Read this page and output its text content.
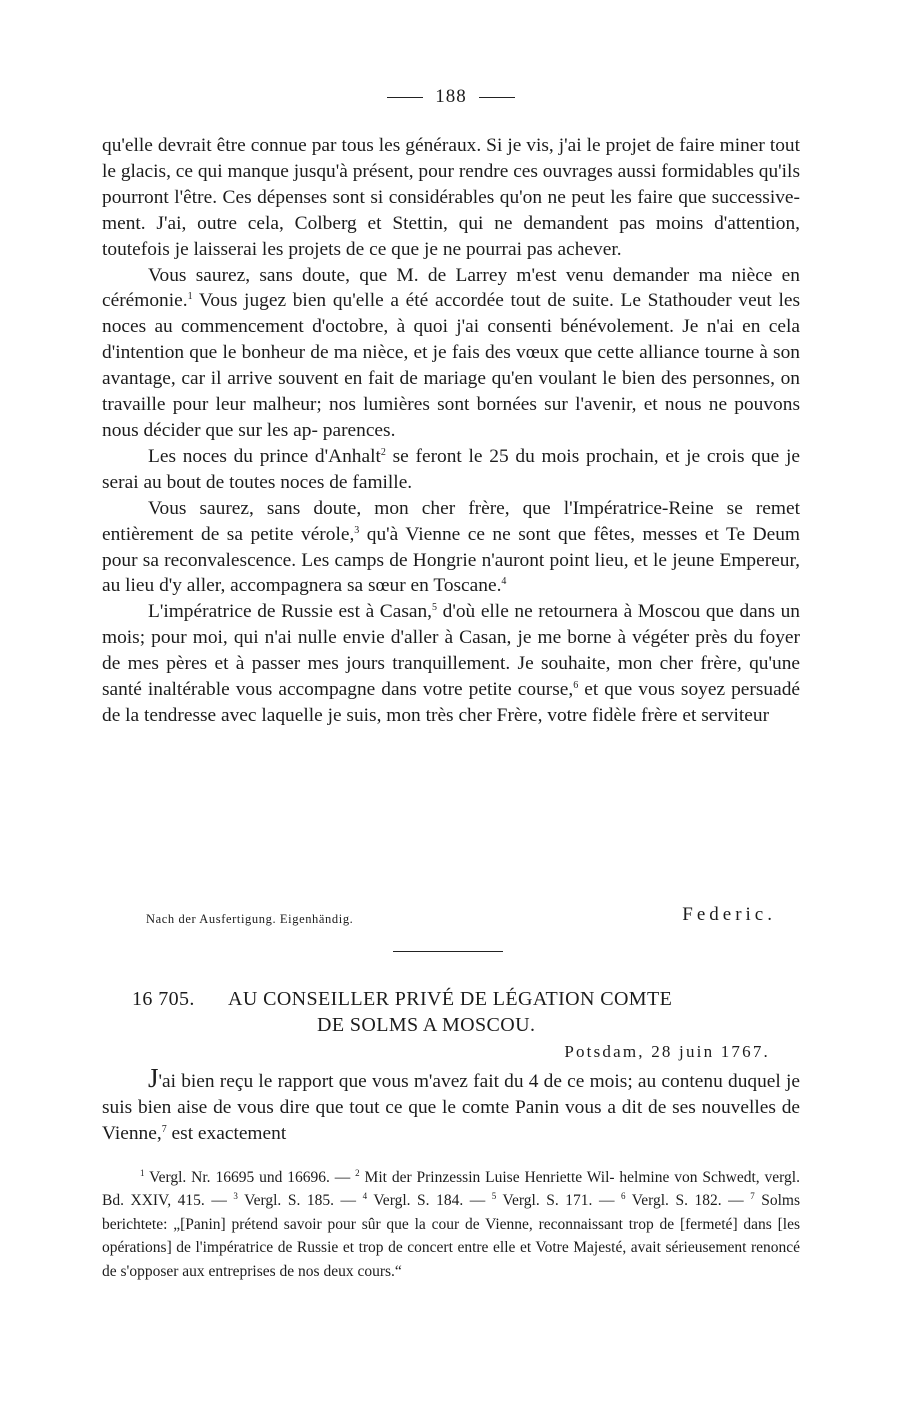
188

qu'elle devrait être connue par tous les généraux. Si je vis, j'ai le projet de faire miner tout le glacis, ce qui manque jusqu'à présent, pour rendre ces ouvrages aussi formidables qu'ils pourront l'être. Ces dépenses sont si considérables qu'on ne peut les faire que successive- ment. J'ai, outre cela, Colberg et Stettin, qui ne demandent pas moins d'attention, toutefois je laisserai les projets de ce que je ne pourrai pas achever.

Vous saurez, sans doute, que M. de Larrey m'est venu demander ma nièce en cérémonie.$^1$ Vous jugez bien qu'elle a été accordée tout de suite. Le Stathouder veut les noces au commencement d'octobre, à quoi j'ai consenti bénévolement. Je n'ai en cela d'intention que le bonheur de ma nièce, et je fais des vœux que cette alliance tourne à son avantage, car il arrive souvent en fait de mariage qu'en voulant le bien des personnes, on travaille pour leur malheur; nos lumières sont bornées sur l'avenir, et nous ne pouvons nous décider que sur les ap- parences.

Les noces du prince d'Anhalt$^2$ se feront le 25 du mois prochain, et je crois que je serai au bout de toutes noces de famille.

Vous saurez, sans doute, mon cher frère, que l'Impératrice-Reine se remet entièrement de sa petite vérole,$^3$ qu'à Vienne ce ne sont que fêtes, messes et Te Deum pour sa reconvalescence. Les camps de Hongrie n'auront point lieu, et le jeune Empereur, au lieu d'y aller, accompagnera sa sœur en Toscane.$^4$

L'impératrice de Russie est à Casan,$^5$ d'où elle ne retournera à Moscou que dans un mois; pour moi, qui n'ai nulle envie d'aller à Casan, je me borne à végéter près du foyer de mes pères et à passer mes jours tranquillement. Je souhaite, mon cher frère, qu'une santé inaltérable vous accompagne dans votre petite course,$^6$ et que vous soyez persuadé de la tendresse avec laquelle je suis, mon très cher Frère, votre fidèle frère et serviteur

Nach der Ausfertigung. Eigenhändig.	Federic.
16 705. AU CONSEILLER PRIVÉ DE LÉGATION COMTE
DE SOLMS A MOSCOU.
Potsdam, 28 juin 1767.

J'ai bien reçu le rapport que vous m'avez fait du 4 de ce mois; au contenu duquel je suis bien aise de vous dire que tout ce que le comte Panin vous a dit de ses nouvelles de Vienne,$^7$ est exactement

$^1$ Vergl. Nr. 16695 und 16696. — $^2$ Mit der Prinzessin Luise Henriette Wil- helmine von Schwedt, vergl. Bd. XXIV, 415. — $^3$ Vergl. S. 185. — $^4$ Vergl. S. 184. — $^5$ Vergl. S. 171. — $^6$ Vergl. S. 182. — $^7$ Solms berichtete: „[Panin] prétend savoir pour sûr que la cour de Vienne, reconnaissant trop de [fermeté] dans [les opérations] de l'impératrice de Russie et trop de concert entre elle et Votre Majesté, avait sérieusement renoncé de s'opposer aux entreprises de nos deux cours.“
